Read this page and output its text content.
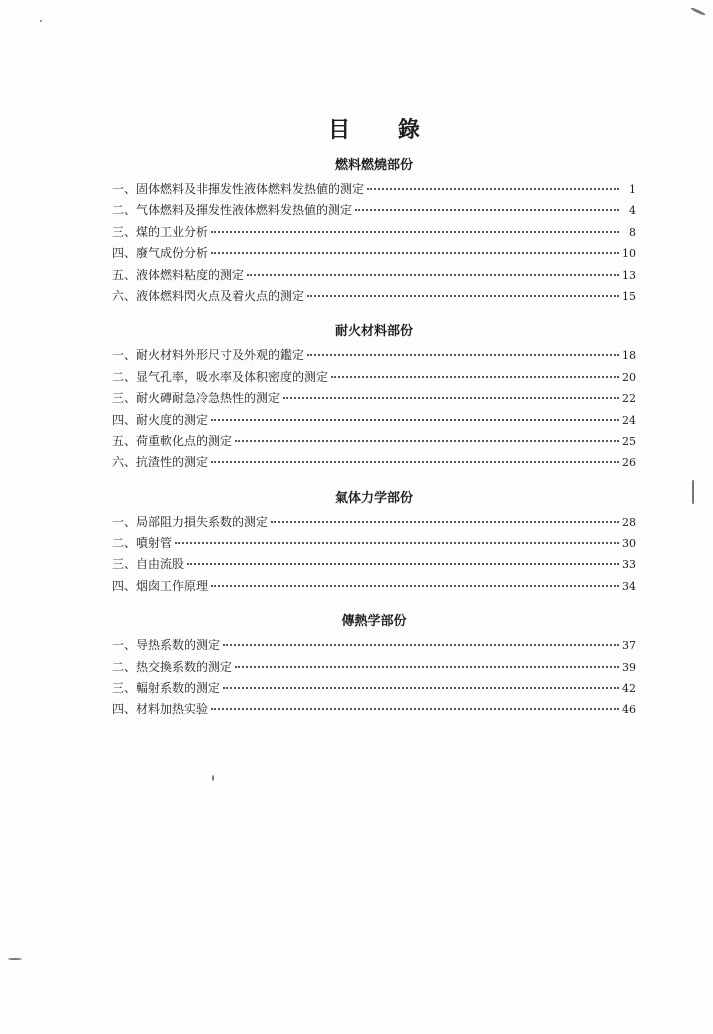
目 錄
燃料燃燒部份
一、 固体燃料及非揮发性液体燃料发热値的测定	1
二、 气体燃料及揮发性液体燃料发热値的测定	4
三、 煤的工业分析	8
四、 廢气成份分析	10
五、 液体燃料粘度的测定	13
六、 液体燃料閃火点及着火点的测定	15
耐火材料部份
一、 耐火材料外形尺寸及外观的鑑定	18
二、 显气孔率，吸水率及体积密度的测定	20
三、 耐火磚耐急冷急热性的测定	22
四、 耐火度的测定	24
五、 荷重軟化点的测定	25
六、 抗渣性的测定	26
氣体力学部份
一、 局部阻力損失系数的测定	28
二、 噴射管	30
三、 自由流股	33
四、 烟囱工作原理	34
傳熱学部份
一、 导热系数的测定	37
二、 热交換系数的测定	39
三、 輻射系数的测定	42
四、 材料加热实验	46
